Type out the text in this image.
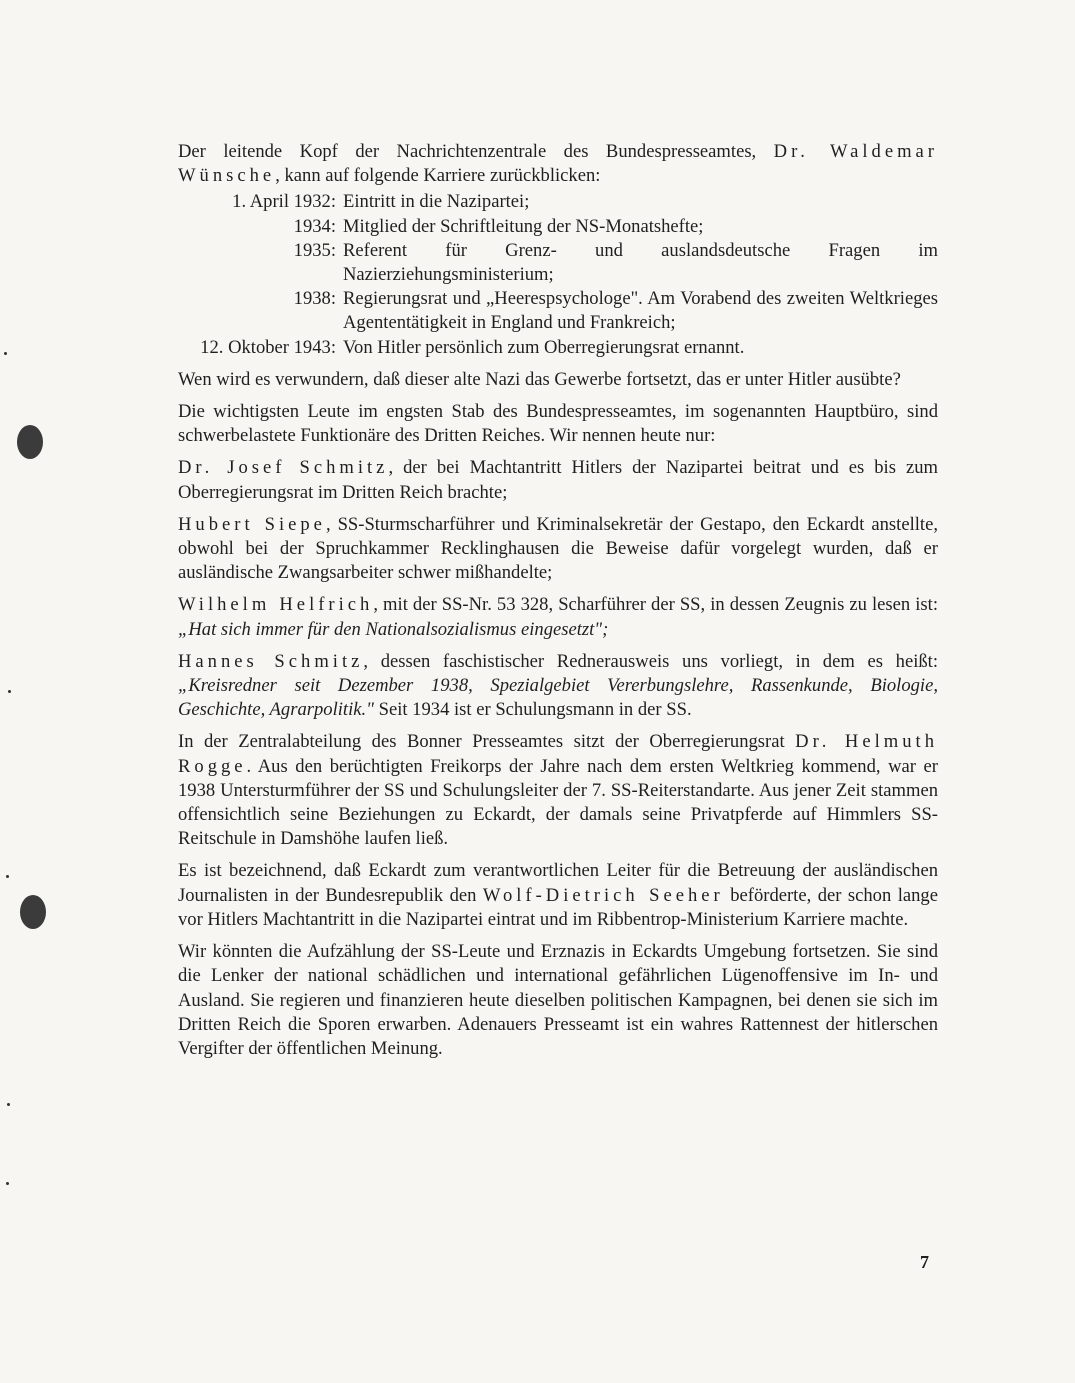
Der leitende Kopf der Nachrichtenzentrale des Bundespresseamtes, Dr. Waldemar Wünsche, kann auf folgende Karriere zurückblicken:

1. April 1932: Eintritt in die Nazipartei;
1934: Mitglied der Schriftleitung der NS-Monatshefte;
1935: Referent für Grenz- und auslandsdeutsche Fragen im Nazierziehungsministerium;
1938: Regierungsrat und „Heerespsychologe". Am Vorabend des zweiten Weltkrieges Agententätigkeit in England und Frankreich;
12. Oktober 1943: Von Hitler persönlich zum Oberregierungsrat ernannt.

Wen wird es verwundern, daß dieser alte Nazi das Gewerbe fortsetzt, das er unter Hitler ausübte?

Die wichtigsten Leute im engsten Stab des Bundespresseamtes, im sogenannten Hauptbüro, sind schwerbelastete Funktionäre des Dritten Reiches. Wir nennen heute nur:

Dr. Josef Schmitz, der bei Machtantritt Hitlers der Nazipartei beitrat und es bis zum Oberregierungsrat im Dritten Reich brachte;

Hubert Siepe, SS-Sturmscharführer und Kriminalsekretär der Gestapo, den Eckardt anstellte, obwohl bei der Spruchkammer Recklinghausen die Beweise dafür vorgelegt wurden, daß er ausländische Zwangsarbeiter schwer mißhandelte;

Wilhelm Helfrich, mit der SS-Nr. 53 328, Scharführer der SS, in dessen Zeugnis zu lesen ist: „Hat sich immer für den Nationalsozialismus eingesetzt";

Hannes Schmitz, dessen faschistischer Rednerausweis uns vorliegt, in dem es heißt: „Kreisredner seit Dezember 1938, Spezialgebiet Vererbungslehre, Rassenkunde, Biologie, Geschichte, Agrarpolitik." Seit 1934 ist er Schulungsmann in der SS.

In der Zentralabteilung des Bonner Presseamtes sitzt der Oberregierungsrat Dr. Helmuth Rogge. Aus den berüchtigten Freikorps der Jahre nach dem ersten Weltkrieg kommend, war er 1938 Untersturmführer der SS und Schulungsleiter der 7. SS-Reiterstandarte. Aus jener Zeit stammen offensichtlich seine Beziehungen zu Eckardt, der damals seine Privatpferde auf Himmlers SS-Reitschule in Damshöhe laufen ließ.

Es ist bezeichnend, daß Eckardt zum verantwortlichen Leiter für die Betreuung der ausländischen Journalisten in der Bundesrepublik den Wolf-Dietrich Seeher beförderte, der schon lange vor Hitlers Machtantritt in die Nazipartei eintrat und im Ribbentrop-Ministerium Karriere machte.

Wir könnten die Aufzählung der SS-Leute und Erznazis in Eckardts Umgebung fortsetzen. Sie sind die Lenker der national schädlichen und international gefährlichen Lügenoffensive im In- und Ausland. Sie regieren und finanzieren heute dieselben politischen Kampagnen, bei denen sie sich im Dritten Reich die Sporen erwarben. Adenauers Presseamt ist ein wahres Rattennest der hitlerschen Vergifter der öffentlichen Meinung.

7
